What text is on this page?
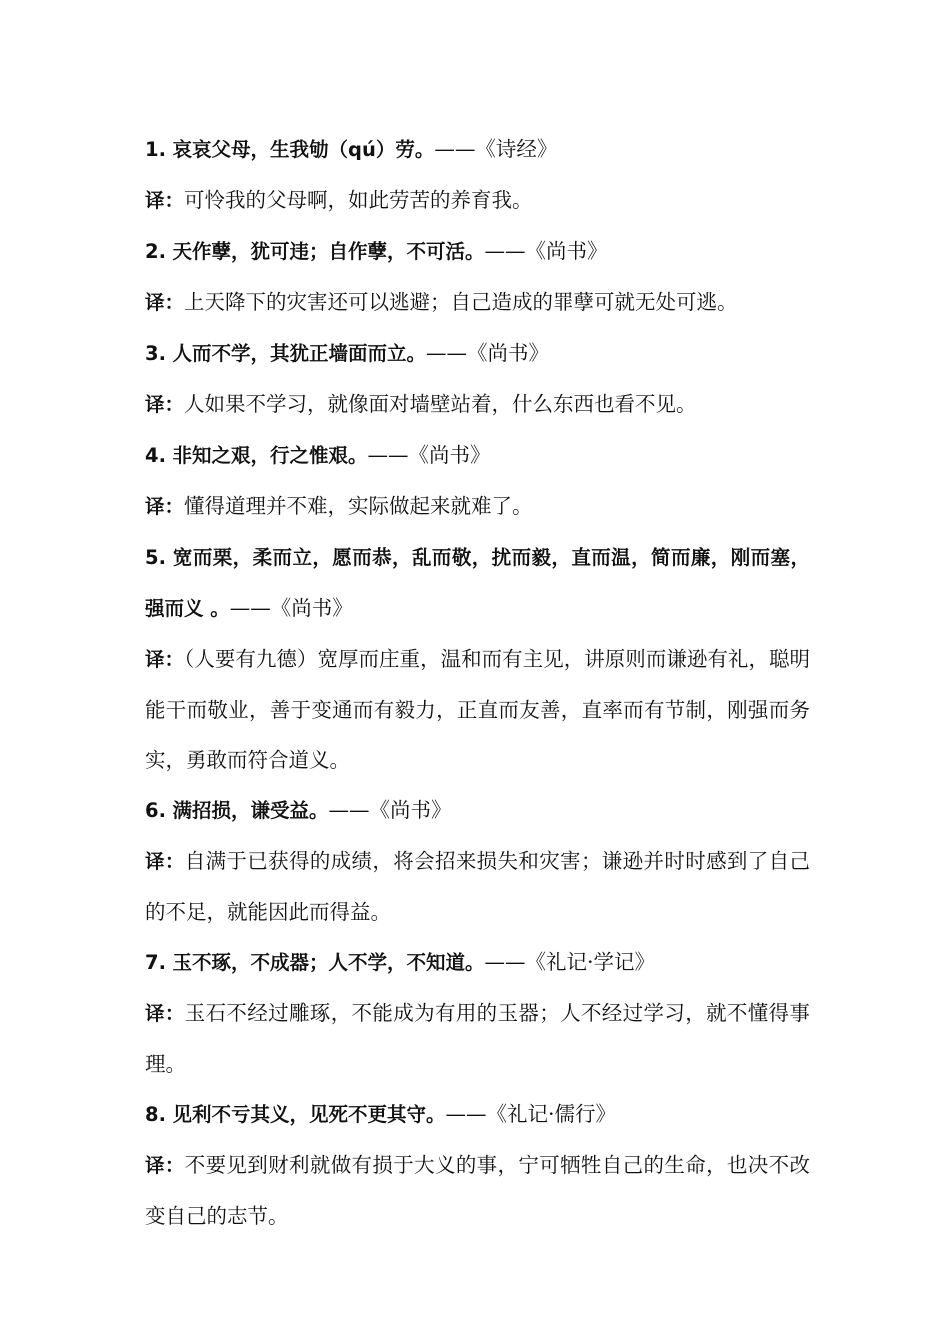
1. 哀哀父母，生我劬（qú）劳。——《诗经》
译：可怜我的父母啊，如此劳苦的养育我。
2. 天作孽，犹可违；自作孽，不可活。——《尚书》
译：上天降下的灾害还可以逃避；自己造成的罪孽可就无处可逃。
3. 人而不学，其犹正墙面而立。——《尚书》
译：人如果不学习，就像面对墙壁站着，什么东西也看不见。
4. 非知之艰，行之惟艰。——《尚书》
译：懂得道理并不难，实际做起来就难了。
5. 宽而栗，柔而立，愿而恭，乱而敬，扰而毅，直而温，简而廉，刚而塞，强而义 。——《尚书》
译：（人要有九德）宽厚而庄重，温和而有主见，讲原则而谦逊有礼，聪明能干而敬业，善于变通而有毅力，正直而友善，直率而有节制，刚强而务实，勇敢而符合道义。
6. 满招损，谦受益。——《尚书》
译：自满于已获得的成绩，将会招来损失和灾害；谦逊并时时感到了自己的不足，就能因此而得益。
7. 玉不琢，不成器；人不学，不知道。——《礼记·学记》
译：玉石不经过雕琢，不能成为有用的玉器；人不经过学习，就不懂得事理。
8. 见利不亏其义，见死不更其守。——《礼记·儒行》
译：不要见到财利就做有损于大义的事，宁可牺牲自己的生命，也决不改变自己的志节。
